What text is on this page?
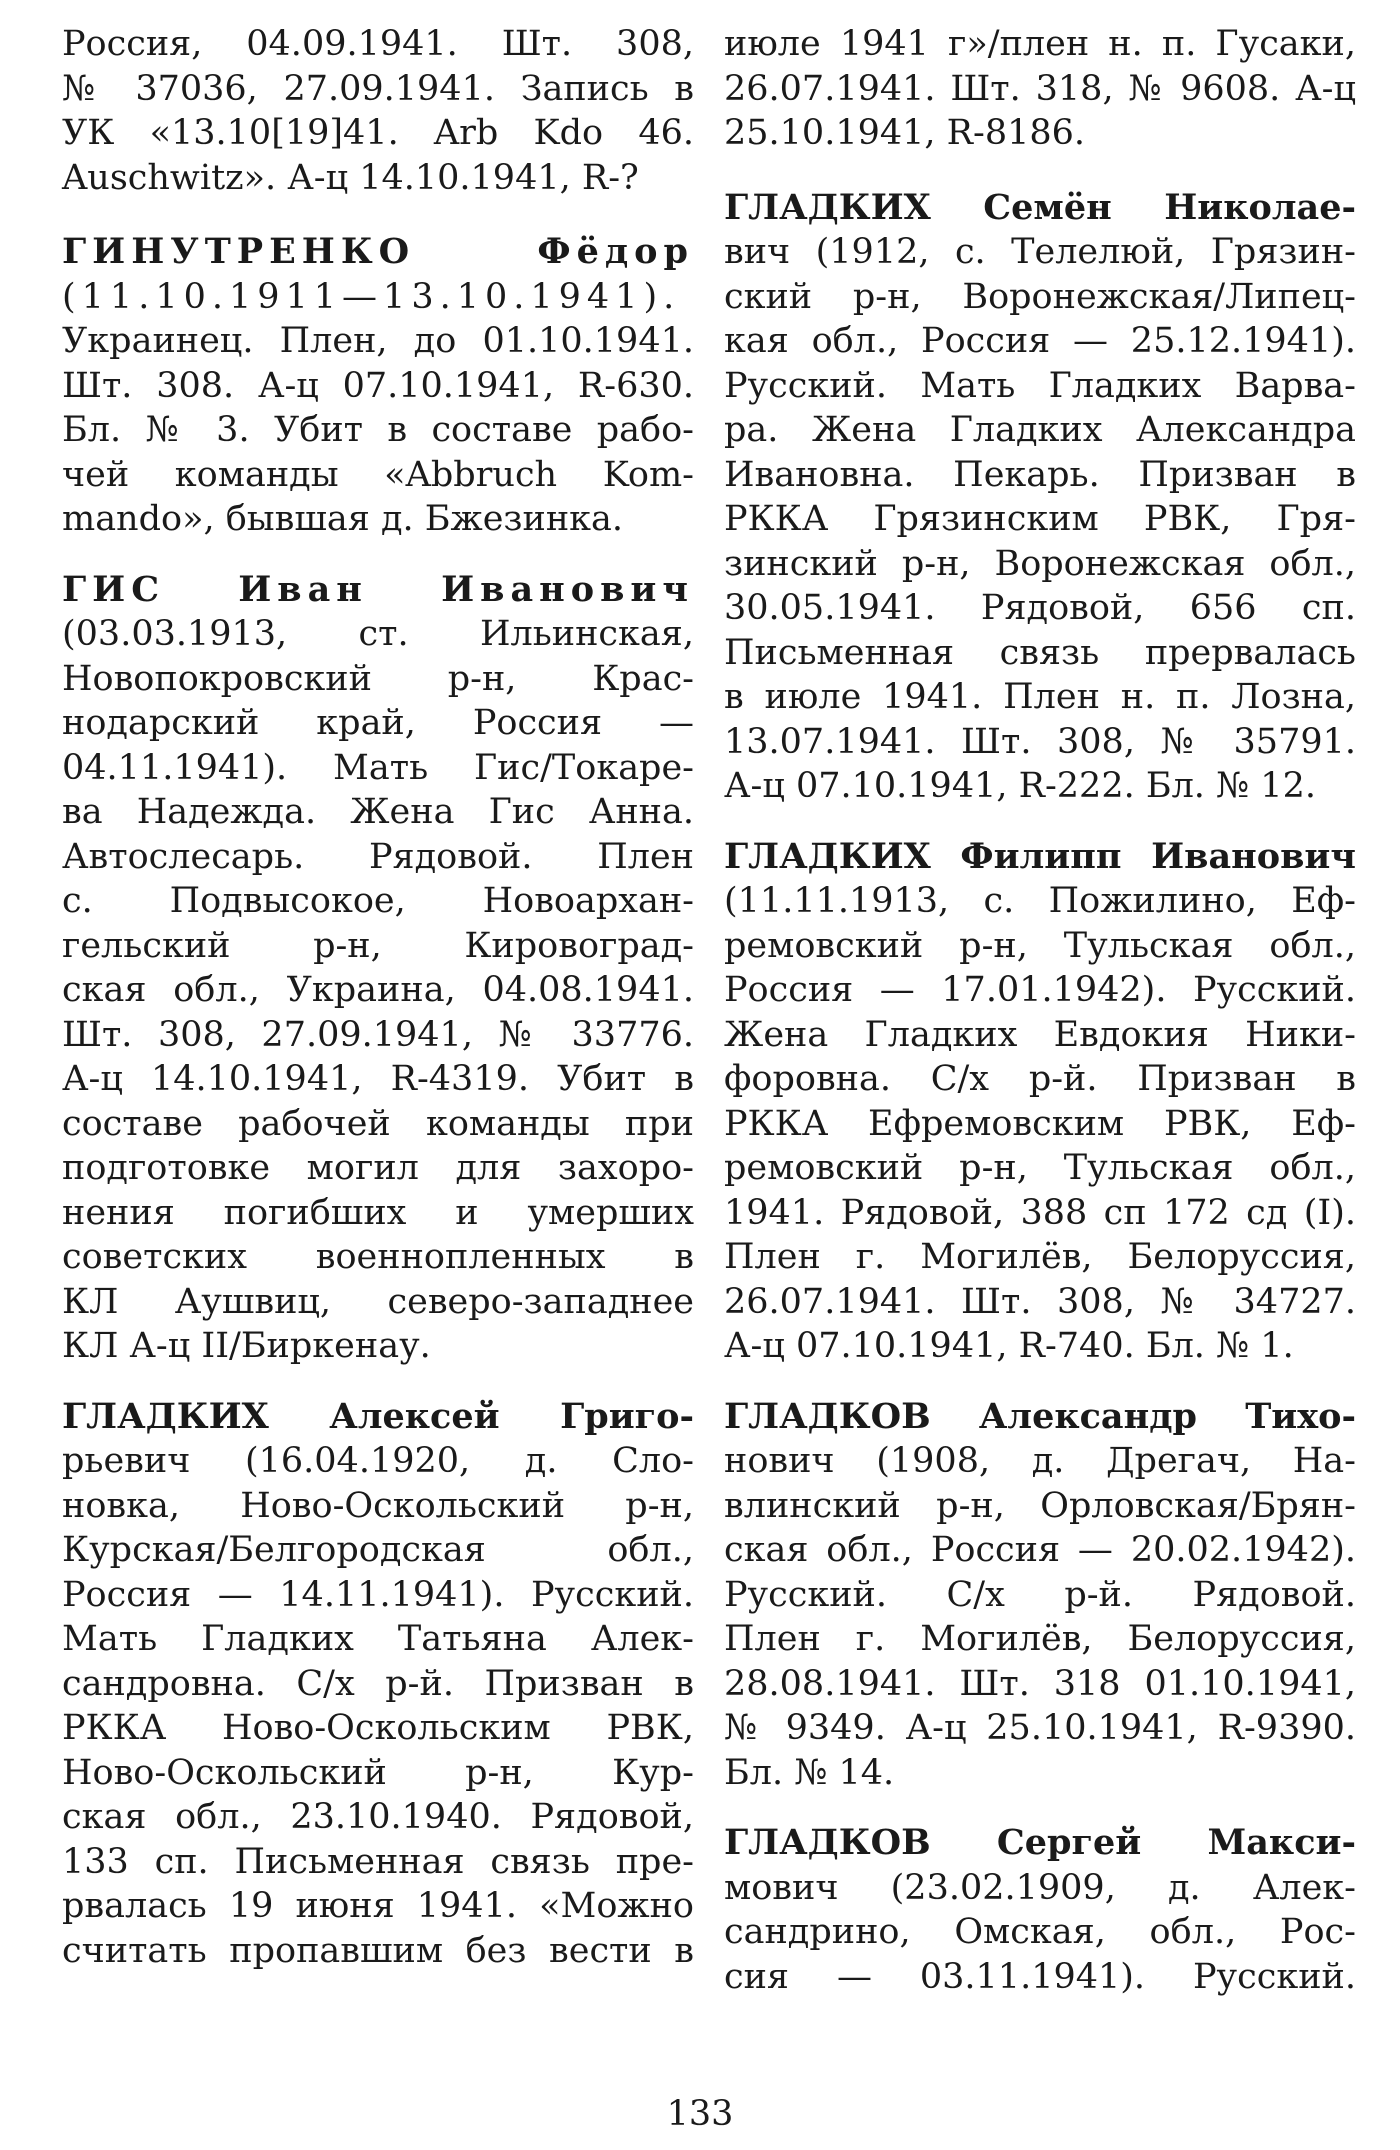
Россия, 04.09.1941. Шт. 308,
№ 37036, 27.09.1941. Запись в
УК «13.10[19]41. Arb Kdo 46.
Auschwitz». А-ц 14.10.1941, R-?
ГИНУТРЕНКО Фёдор
(11.10.1911—13.10.1941).
Украинец. Плен, до 01.10.1941.
Шт. 308. А-ц 07.10.1941, R-630.
Бл. № 3. Убит в составе рабо-
чей команды «Abbruch Kom-
mando», бывшая д. Бжезинка.
ГИС Иван Иванович
(03.03.1913, ст. Ильинская,
Новопокровский р-н, Крас-
нодарский край, Россия —
04.11.1941). Мать Гис/Токаре-
ва Надежда. Жена Гис Анна.
Автослесарь. Рядовой. Плен
с. Подвысокое, Новоархан-
гельский р-н, Кировоград-
ская обл., Украина, 04.08.1941.
Шт. 308, 27.09.1941, № 33776.
А-ц 14.10.1941, R-4319. Убит в
составе рабочей команды при
подготовке могил для захоро-
нения погибших и умерших
советских военнопленных в
КЛ Аушвиц, северо-западнее
КЛ А-ц II/Биркенау.
ГЛАДКИХ Алексей Григо-
рьевич (16.04.1920, д. Сло-
новка, Ново-Оскольский р-н,
Курская/Белгородская обл.,
Россия — 14.11.1941). Русский.
Мать Гладких Татьяна Алек-
сандровна. С/х р-й. Призван в
РККА Ново-Оскольским РВК,
Ново-Оскольский р-н, Кур-
ская обл., 23.10.1940. Рядовой,
133 сп. Письменная связь пре-
рвалась 19 июня 1941. «Можно
считать пропавшим без вести в
июле 1941 г»/плен н. п. Гусаки,
26.07.1941. Шт. 318, № 9608. А-ц
25.10.1941, R-8186.
ГЛАДКИХ Семён Николае-
вич (1912, с. Телелюй, Грязин-
ский р-н, Воронежская/Липец-
кая обл., Россия — 25.12.1941).
Русский. Мать Гладких Варва-
ра. Жена Гладких Александра
Ивановна. Пекарь. Призван в
РККА Грязинским РВК, Гря-
зинский р-н, Воронежская обл.,
30.05.1941. Рядовой, 656 сп.
Письменная связь прервалась
в июле 1941. Плен н. п. Лозна,
13.07.1941. Шт. 308, № 35791.
А-ц 07.10.1941, R-222. Бл. № 12.
ГЛАДКИХ Филипп Иванович
(11.11.1913, с. Пожилино, Еф-
ремовский р-н, Тульская обл.,
Россия — 17.01.1942). Русский.
Жена Гладких Евдокия Ники-
форовна. С/х р-й. Призван в
РККА Ефремовским РВК, Еф-
ремовский р-н, Тульская обл.,
1941. Рядовой, 388 сп 172 сд (I).
Плен г. Могилёв, Белоруссия,
26.07.1941. Шт. 308, № 34727.
А-ц 07.10.1941, R-740. Бл. № 1.
ГЛАДКОВ Александр Тихо-
нович (1908, д. Дрегач, На-
влинский р-н, Орловская/Брян-
ская обл., Россия — 20.02.1942).
Русский. С/х р-й. Рядовой.
Плен г. Могилёв, Белоруссия,
28.08.1941. Шт. 318 01.10.1941,
№ 9349. А-ц 25.10.1941, R-9390.
Бл. № 14.
ГЛАДКОВ Сергей Макси-
мович (23.02.1909, д. Алек-
сандрино, Омская, обл., Рос-
сия — 03.11.1941). Русский.
133
